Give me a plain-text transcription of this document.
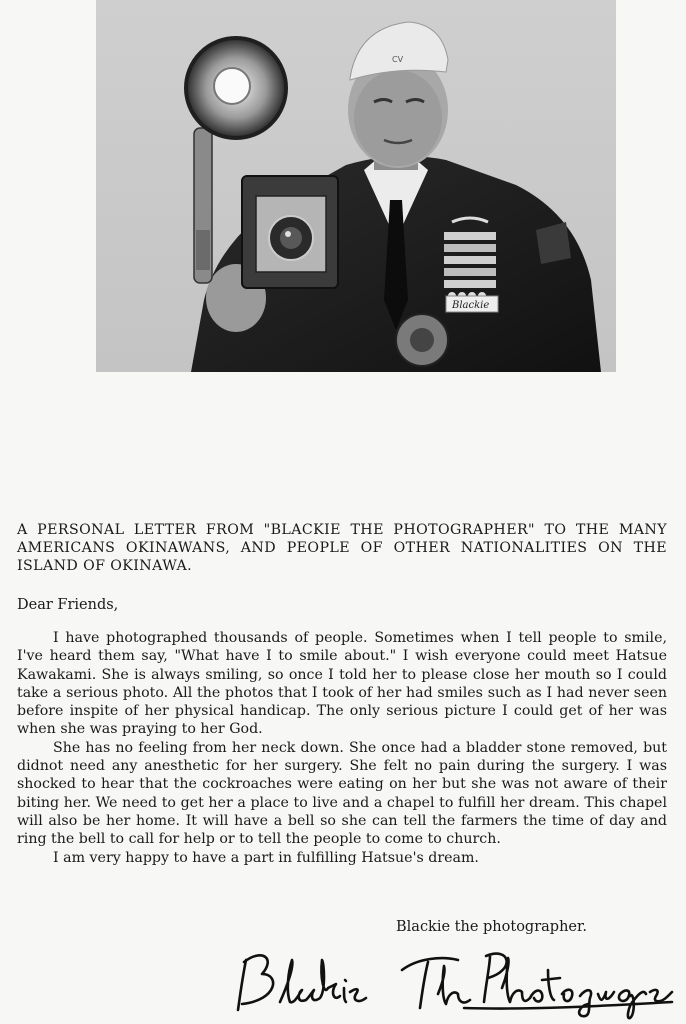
CV
Blackie

A PERSONAL LETTER FROM "BLACKIE THE PHOTOGRAPHER" TO THE MANY AMERICANS OKINAWANS, AND PEOPLE OF OTHER NATIONALITIES ON THE ISLAND OF OKINAWA.

Dear Friends,

I have photographed thousands of people. Sometimes when I tell people to smile, I've heard them say, "What have I to smile about." I wish everyone could meet Hatsue Kawakami. She is always smiling, so once I told her to please close her mouth so I could take a serious photo. All the photos that I took of her had smiles such as I had never seen before inspite of her physical handicap. The only serious picture I could get of her was when she was praying to her God.

She has no feeling from her neck down. She once had a bladder stone removed, but didnot need any anesthetic for her surgery. She felt no pain during the surgery. I was shocked to hear that the cockroaches were eating on her but she was not aware of their biting her. We need to get her a place to live and a chapel to fulfill her dream. This chapel will also be her home. It will have a bell so she can tell the farmers the time of day and ring the bell to call for help or to tell the people to come to church.

I am very happy to have a part in fulfilling Hatsue's dream.

Blackie the photographer.
